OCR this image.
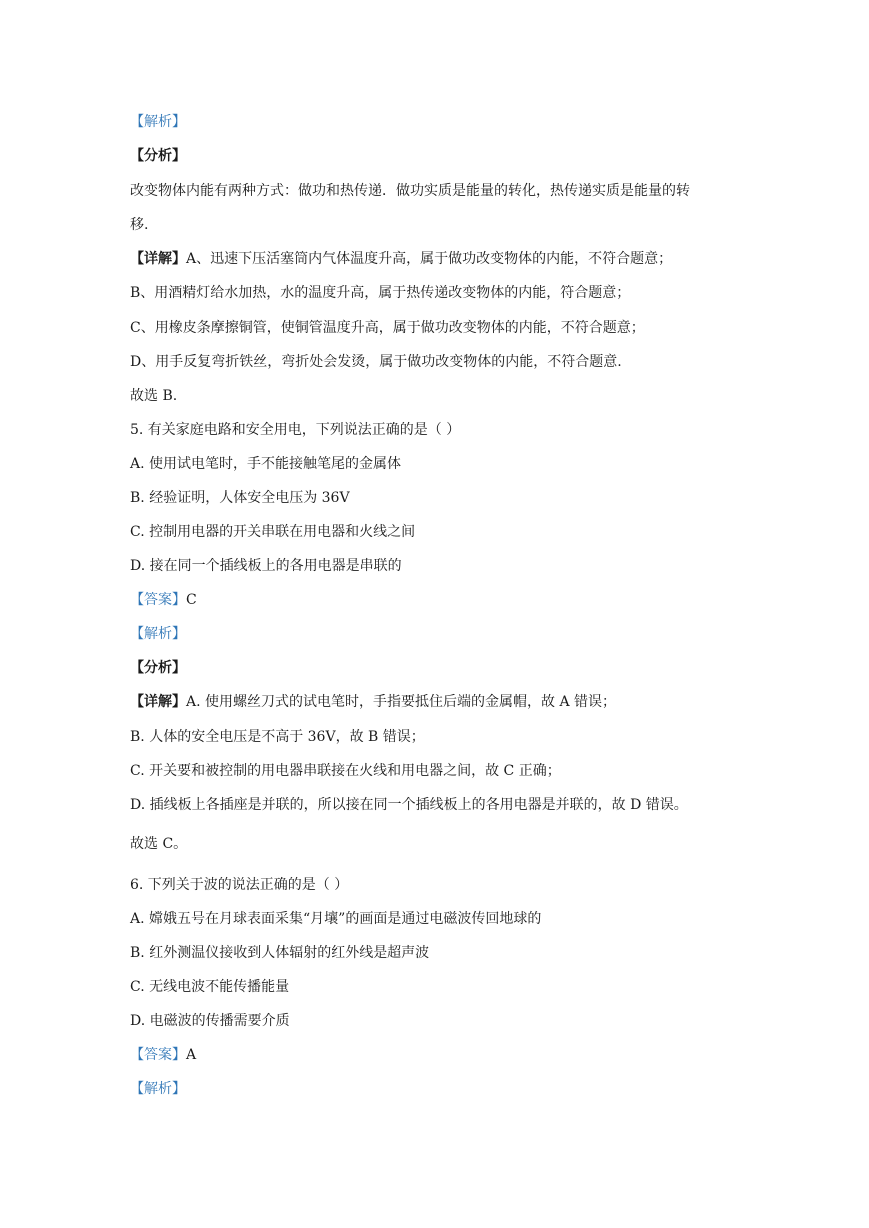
【解析】
【分析】
改变物体内能有两种方式：做功和热传递．做功实质是能量的转化，热传递实质是能量的转
移.
【详解】A、迅速下压活塞筒内气体温度升高，属于做功改变物体的内能，不符合题意；
B、用酒精灯给水加热，水的温度升高，属于热传递改变物体的内能，符合题意；
C、用橡皮条摩擦铜管，使铜管温度升高，属于做功改变物体的内能，不符合题意；
D、用手反复弯折铁丝，弯折处会发烫，属于做功改变物体的内能，不符合题意.
故选 B.
5. 有关家庭电路和安全用电，下列说法正确的是（ ）
A. 使用试电笔时，手不能接触笔尾的金属体
B. 经验证明，人体安全电压为 36V
C. 控制用电器的开关串联在用电器和火线之间
D. 接在同一个插线板上的各用电器是串联的
【答案】C
【解析】
【分析】
【详解】A. 使用螺丝刀式的试电笔时，手指要抵住后端的金属帽，故 A 错误；
B. 人体的安全电压是不高于 36V，故 B 错误；
C. 开关要和被控制的用电器串联接在火线和用电器之间，故 C 正确；
D. 插线板上各插座是并联的，所以接在同一个插线板上的各用电器是并联的，故 D 错误。
故选 C。
6. 下列关于波的说法正确的是（ ）
A. 嫦娥五号在月球表面采集“月壤”的画面是通过电磁波传回地球的
B. 红外测温仪接收到人体辐射的红外线是超声波
C. 无线电波不能传播能量
D. 电磁波的传播需要介质
【答案】A
【解析】
